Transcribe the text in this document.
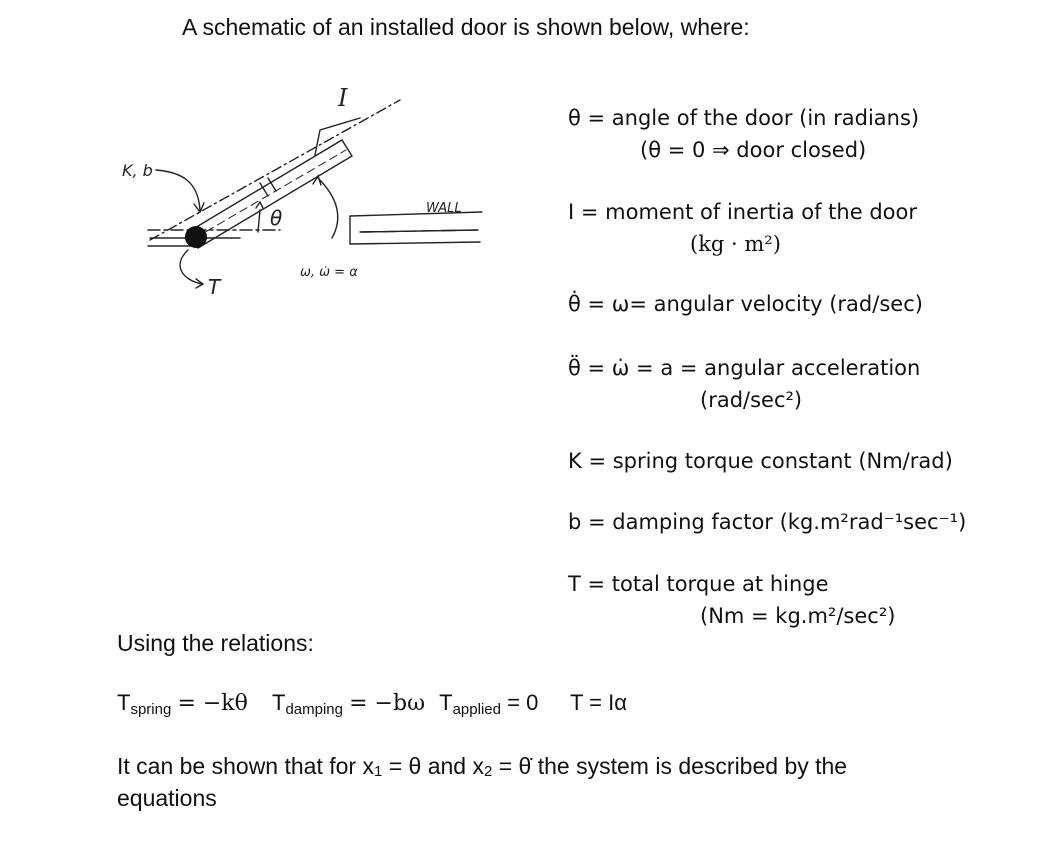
A schematic of an installed door is shown below, where:
I
K, b
θ	WALL
T
ω, ω̇ = α
θ = angle of the door (in radians)
(θ = 0 ⇒ door closed)
I = moment of inertia of the door
(kg · m²)
θ̇ = ω= angular velocity (rad/sec)
θ̈ = ω̇ = a = angular acceleration
(rad/sec²)
K = spring torque constant (Nm/rad)
b = damping factor (kg.m²rad⁻¹sec⁻¹)
T = total torque at hinge
(Nm = kg.m²/sec²)
Using the relations:
Tspring = −kθ Tdamping = −bω Tapplied = 0 T = Iα
It can be shown that for x1 = θ and x2 = θ̇ the system is described by the equations
